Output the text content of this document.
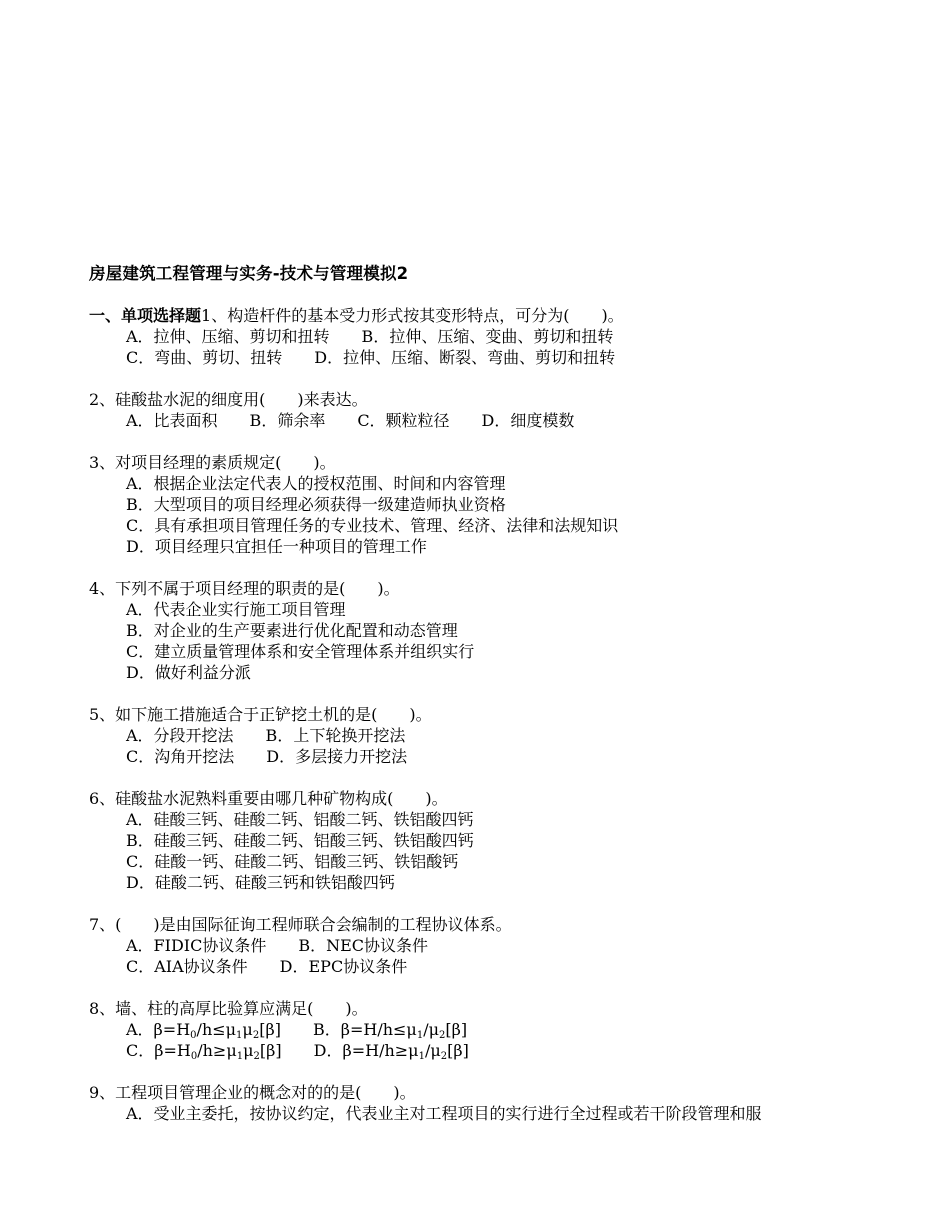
房屋建筑工程管理与实务-技术与管理模拟2
一、单项选择题1、构造杆件的基本受力形式按其变形特点，可分为(　　)。
A．拉伸、压缩、剪切和扭转　　B．拉伸、压缩、变曲、剪切和扭转
C．弯曲、剪切、扭转　　D．拉伸、压缩、断裂、弯曲、剪切和扭转
2、硅酸盐水泥的细度用(　　)来表达。
A．比表面积　　B．筛余率　　C．颗粒粒径　　D．细度模数
3、对项目经理的素质规定(　　)。
A．根据企业法定代表人的授权范围、时间和内容管理
B．大型项目的项目经理必须获得一级建造师执业资格
C．具有承担项目管理任务的专业技术、管理、经济、法律和法规知识
D．项目经理只宜担任一种项目的管理工作
4、下列不属于项目经理的职责的是(　　)。
A．代表企业实行施工项目管理
B．对企业的生产要素进行优化配置和动态管理
C．建立质量管理体系和安全管理体系并组织实行
D．做好利益分派
5、如下施工措施适合于正铲挖土机的是(　　)。
A．分段开挖法　　B．上下轮换开挖法
C．沟角开挖法　　D．多层接力开挖法
6、硅酸盐水泥熟料重要由哪几种矿物构成(　　)。
A．硅酸三钙、硅酸二钙、铝酸二钙、铁铝酸四钙
B．硅酸三钙、硅酸二钙、铝酸三钙、铁铝酸四钙
C．硅酸一钙、硅酸二钙、铝酸三钙、铁铝酸钙
D．硅酸二钙、硅酸三钙和铁铝酸四钙
7、(　　)是由国际征询工程师联合会编制的工程协议体系。
A．FIDIC协议条件　　B．NEC协议条件
C．AIA协议条件　　D．EPC协议条件
8、墙、柱的高厚比验算应满足(　　)。
A．$\beta=H_0/h\le\mu_1\mu_2[\beta]$　　 B．$\beta=H/h\le\mu_1/\mu_2[\beta]$
C．$\beta=H_0/h\ge\mu_1\mu_2[\beta]$　　 D．$\beta=H/h\ge\mu_1/\mu_2[\beta]$
9、工程项目管理企业的概念对的的是(　　)。
A．受业主委托，按协议约定，代表业主对工程项目的实行进行全过程或若干阶段管理和服
